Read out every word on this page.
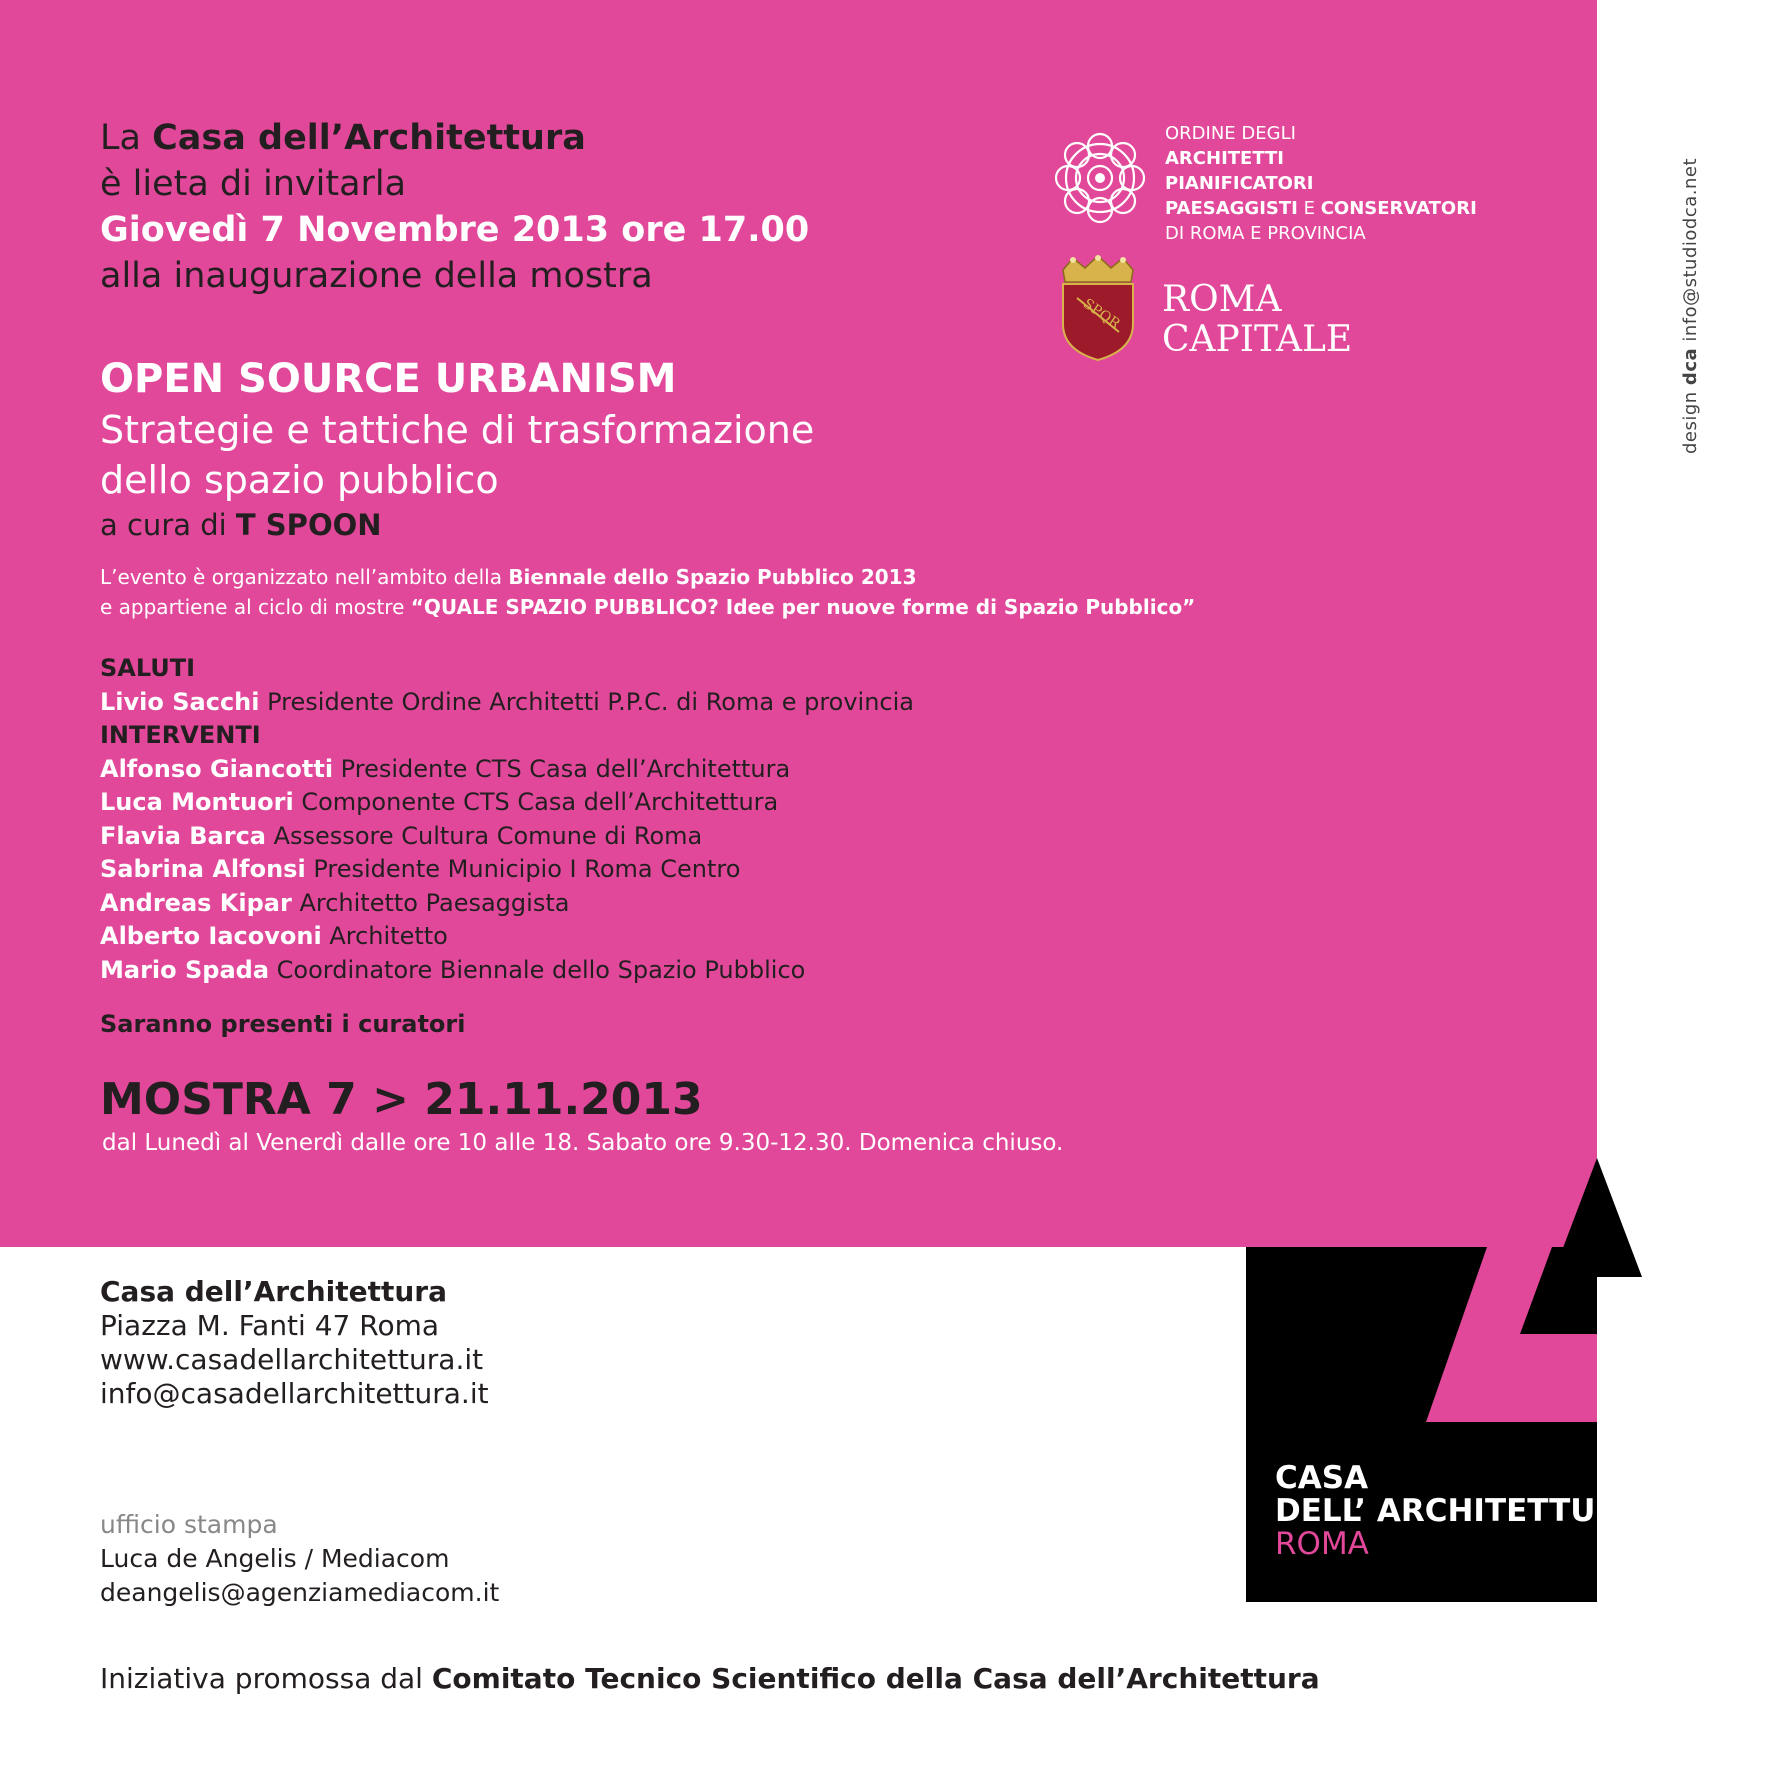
La Casa dell’Architettura
è lieta di invitarla
Giovedì 7 Novembre 2013 ore 17.00
alla inaugurazione della mostra
OPEN SOURCE URBANISM
Strategie e tattiche di trasformazione
dello spazio pubblico
a cura di T SPOON
L’evento è organizzato nell’ambito della Biennale dello Spazio Pubblico 2013
e appartiene al ciclo di mostre “QUALE SPAZIO PUBBLICO? Idee per nuove forme di Spazio Pubblico”
SALUTI
Livio Sacchi Presidente Ordine Architetti P.P.C. di Roma e provincia
INTERVENTI
Alfonso Giancotti Presidente CTS Casa dell’Architettura
Luca Montuori Componente CTS Casa dell’Architettura
Flavia Barca Assessore Cultura Comune di Roma
Sabrina Alfonsi Presidente Municipio I Roma Centro
Andreas Kipar Architetto Paesaggista
Alberto Iacovoni Architetto
Mario Spada Coordinatore Biennale dello Spazio Pubblico
Saranno presenti i curatori
MOSTRA 7 > 21.11.2013
dal Lunedì al Venerdì dalle ore 10 alle 18. Sabato ore 9.30-12.30. Domenica chiuso.
ORDINE DEGLI
ARCHITETTI
PIANIFICATORI
PAESAGGISTI E CONSERVATORI
DI ROMA E PROVINCIA
SPQR ROMA
CAPITALE
design dca info@studiodca.net
Casa dell’Architettura
Piazza M. Fanti 47 Roma
www.casadellarchitettura.it
info@casadellarchitettura.it
ufficio stampa
Luca de Angelis / Mediacom
deangelis@agenziamediacom.it
Iniziativa promossa dal Comitato Tecnico Scientifico della Casa dell’Architettura
CASA
DELL’ ARCHITETTURA
ROMA
